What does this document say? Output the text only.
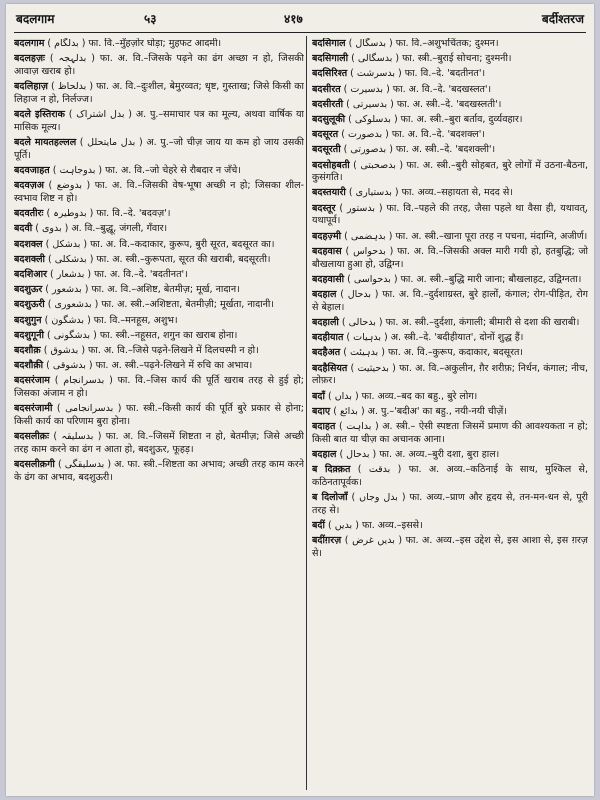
बदलगाम	५३	४१७	बर्दीश्‍तरज

बदलगाम ( بدلگام ) फा. वि.–मुँहज़ोर घोड़ा; मुहफट आदमी।

बदलहज़ः ( بدلہجہ ) फा. अ. वि.–जिसके पढ़ने का ढंग अच्छा न हो, जिसकी आवाज़ खराब हो।

बदलिहाज़ ( بدلحاظ ) फा. अ. वि.–दुःशील, बेमुरव्वत; धृष्ट, गुस्ताख; जिसे किसी का लिहाज न हो, निर्लज्ज।

बदले इस्तिराक ( بدل اشتراک ) अ. पु.–समाचार पत्र का मूल्य, अथवा वार्षिक या मासिक मूल्य।

बदले मायतहल्लल ( بدل مایتحلل ) अ. पु.–जो चीज़ जाय या कम हो जाय उसकी पूर्ति।

बदवजाहत ( بدوجاہت ) फा. अ. वि.–जो चेहरे से रौबदार न जँचे।

बदवज़अ ( بدوضع ) फा. अ. वि.–जिसकी वेष-भूषा अच्छी न हो; जिसका शील-स्वभाव शिष्ट न हो।

बदवतीरः ( بدوطیرہ ) फा. वि.–दे. 'बदवज़'।

बदवी ( بدوی ) अ. वि.–बुद्धू, जंगली, गँवार।

बदशक्ल ( بدشکل ) फा. अ. वि.–कदाकार, कुरूप, बुरी सूरत, बदसूरत का।

बदशक्ली ( بدشکلی ) फा. अ. स्त्री.–कुरूपता, सूरत की खराबी, बदसूरती।

बदशिआर ( بدشعار ) फा. अ. वि.–दे. 'बदतीनत'।

बदशुऊर ( بدشعور ) फा. अ. वि.–अशिष्ट, बेतमीज़; मूर्ख, नादान।

बदशुऊरी ( بدشعوری ) फा. अ. स्त्री.–अशिष्टता, बेतमीज़ी; मूर्खता, नादानी।

बदशुगुन ( بدشگون ) फा. वि.–मनहूस, अशुभ।

बदशुगूनी ( بدشگونی ) फा. स्त्री.–नहूसत, शगुन का खराब होना।

बदशौक़ ( بدشوق ) फा. अ. वि.–जिसे पढ़ने-लिखने में दिलचस्पी न हो।

बदशौक़ी ( بدشوقی ) फा. अ. स्त्री.–पढ़ने-लिखने में रुचि का अभाव।

बदसरंजाम ( بدسرانجام ) फा. वि.–जिस कार्य की पूर्ति खराब तरह से हुई हो; जिसका अंजाम न हो।

बदसरंजामी ( بدسرانجامی ) फा. स्त्री.–किसी कार्य की पूर्ति बुरे प्रकार से होना; किसी कार्य का परिणाम बुरा होना।

बदसलीक़ः ( بدسلیقہ ) फा. अ. वि.–जिसमें शिष्टता न हो, बेतमीज़; जिसे अच्छी तरह काम करने का ढंग न आता हो, बदशुऊर, फूहड़।

बदसलीक़गी ( بدسلیقگی ) अ. फा. स्त्री.–शिष्टता का अभाव; अच्छी तरह काम करने के ढंग का अभाव, बदशुऊरी।

बदसिगाल ( بدسگال ) फा. वि.–अशुभचिंतक; दुश्मन।

बदसिगाली ( بدسگالی ) फा. स्त्री.–बुराई सोचना; दुश्मनी।

बदसिरिश्त ( بدسرشت ) फा. वि.–दे. 'बदतीनत'।

बदसीरत ( بدسیرت ) फा. अ. वि.–दे. 'बदखस्लत'।

बदसीरती ( بدسیرتی ) फा. अ. स्त्री.–दे. 'बदखस्लती'।

बदसुलूकी ( بدسلوکی ) फा. अ. स्त्री.–बुरा बर्ताव, दुर्व्यवहार।

बदसूरत ( بدصورت ) फा. अ. वि.–दे. 'बदशक्ल'।

बदसूरती ( بدصورتی ) फा. अ. स्त्री.–दे. 'बदशक्ली'।

बदसोहबती ( بدصحبتی ) फा. अ. स्त्री.–बुरी सोहबत, बुरे लोगों में उठना-बैठना, कुसंगति।

बदस्तयारी ( بدستیاری ) फा. अव्य.–सहायता से, मदद से।

बदस्तूर ( بدستور ) फा. वि.–पहले की तरह, जैसा पहले था वैसा ही, यथावत्, यथापूर्व।

बदहज़्मी ( بدہضمی ) फा. अ. स्त्री.–खाना पूरा तरह न पचना, मंदाग्नि, अजीर्ण।

बदहवास ( بدحواس ) फा. अ. वि.–जिसकी अक्ल मारी गयी हो, हतबुद्धि; जो बौखलाया हुआ हो, उद्विग्न।

बदहवासी ( بدحواسی ) फा. अ. स्त्री.–बुद्धि मारी जाना; बौखलाहट, उद्विग्नता।

बदहाल ( بدحال ) फा. अ. वि.–दुर्दशाग्रस्त, बुरे हालों, कंगाल; रोग-पीड़ित, रोग से बेहाल।

बदहाली ( بدحالی ) फा. अ. स्त्री.–दुर्दशा, कंगाली; बीमारी से दशा की खराबी।

बदहीयात ( بدہیات ) अ. स्त्री.–दे. 'बदीहीयात', दोनों शुद्ध हैं।

बदहैअत ( بدہیئت ) फा. अ. वि.–कुरूप, कदाकार, बदसूरत।

बदहैसियत ( بدحیثیت ) फा. अ. वि.–अकुलीन, ग़ैर शरीफ़; निर्धन, कंगाल; नीच, लोफ़र।

बदाँ ( بداں ) फा. अव्य.–बद का बहु., बुरे लोग।

बदाए ( بدائع ) अ. पु.–'बदीअ' का बहु., नयी-नयी चीज़ें।

बदाहत ( بداہت ) अ. स्त्री.– ऐसी स्पष्टता जिसमें प्रमाण की आवश्यकता न हो; किसी बात या चीज़ का अचानक आना।

बदहाल ( بدحال ) फा. अ. अव्य.–बुरी दशा, बुरा हाल।

ब दिक़्क़त ( بدقت ) फा. अ. अव्य.–कठिनाई के साथ, मुश्किल से, कठिनतापूर्वक।

ब दिलोजाँ ( بدل وجاں ) फा. अव्य.–प्राण और हृदय से, तन-मन-धन से, पूरी तरह से।

बदीं ( بدیں ) फा. अव्य.–इससे।

बदींग़रज़ ( بدیں غرض ) फा. अ. अव्य.–इस उद्देश से, इस आशा से, इस ग़रज़ से।
